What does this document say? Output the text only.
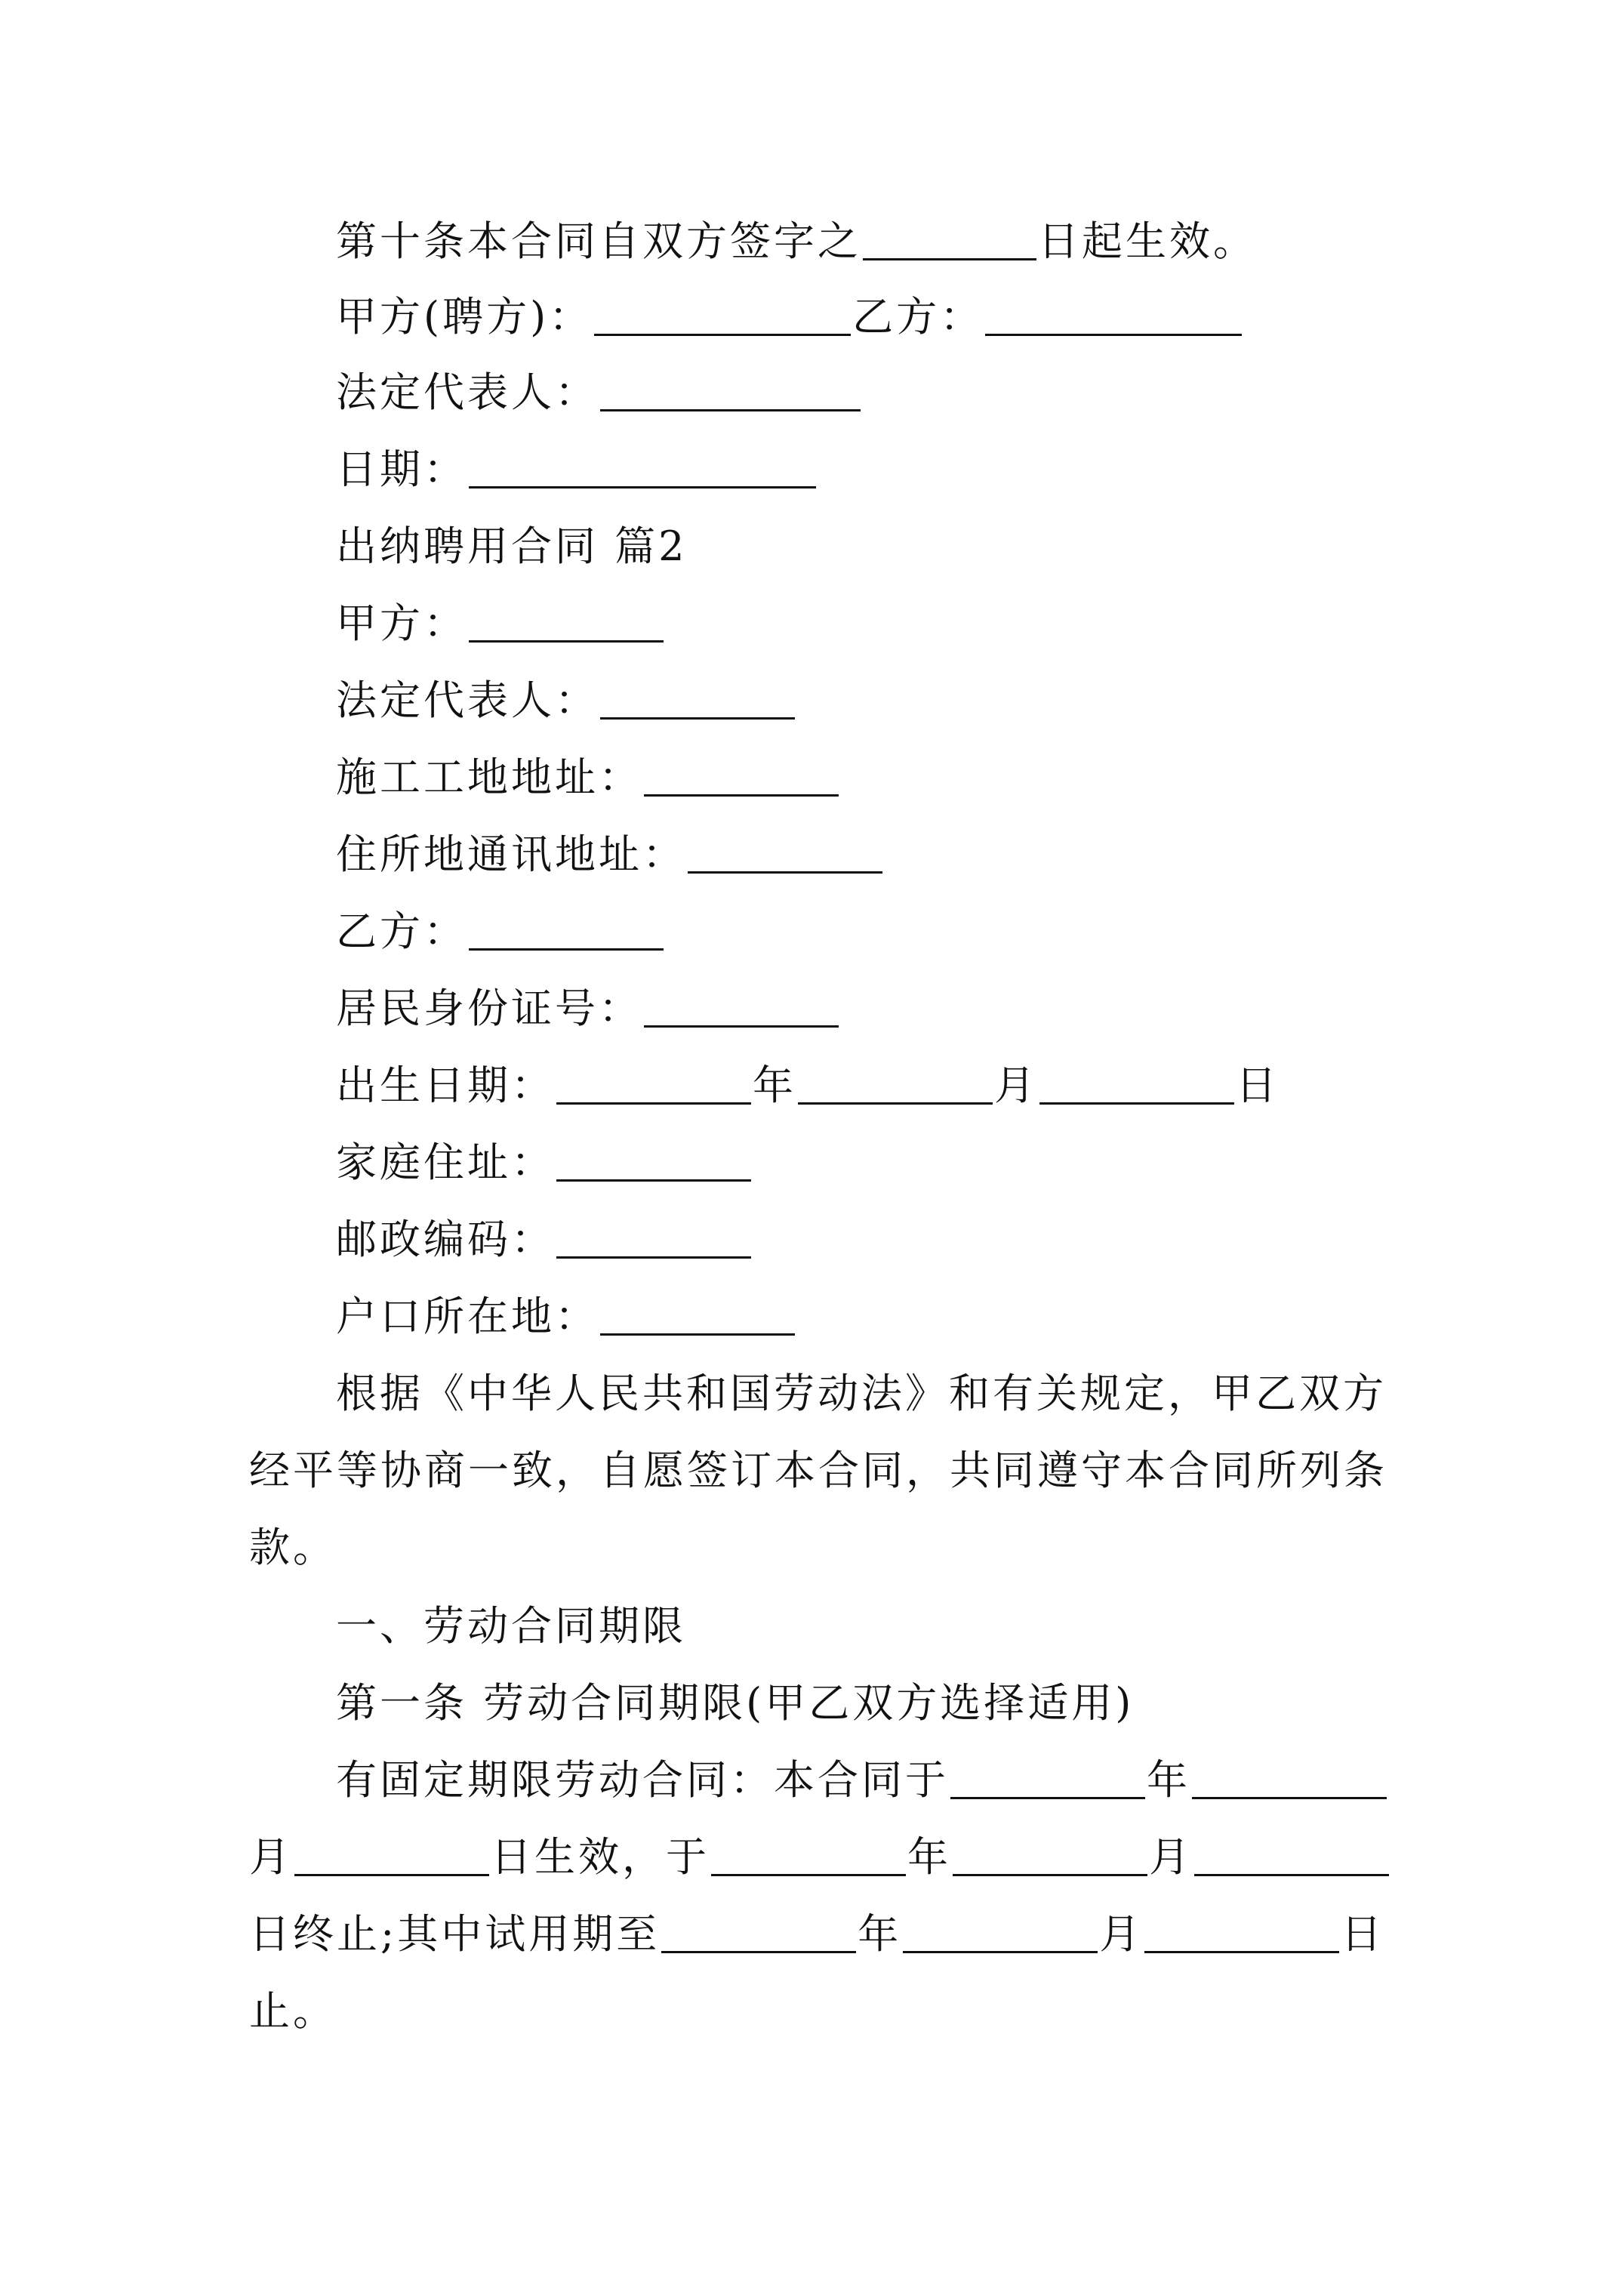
第十条本合同自双方签字之	日起生效。
甲方(聘方)：	乙方：
法定代表人：
日期：
出纳聘用合同 篇2
甲方：
法定代表人：
施工工地地址：
住所地通讯地址：
乙方：
居民身份证号：
出生日期：	年	月	日
家庭住址：
邮政编码：
户口所在地：
根据《中华人民共和国劳动法》和有关规定，甲乙双方
经平等协商一致，自愿签订本合同，共同遵守本合同所列条
款。
一、劳动合同期限
第一条 劳动合同期限(甲乙双方选择适用)
有固定期限劳动合同：本合同于	年
月	日生效，于	年	月
日终止;其中试用期至	年	月	日
止。
